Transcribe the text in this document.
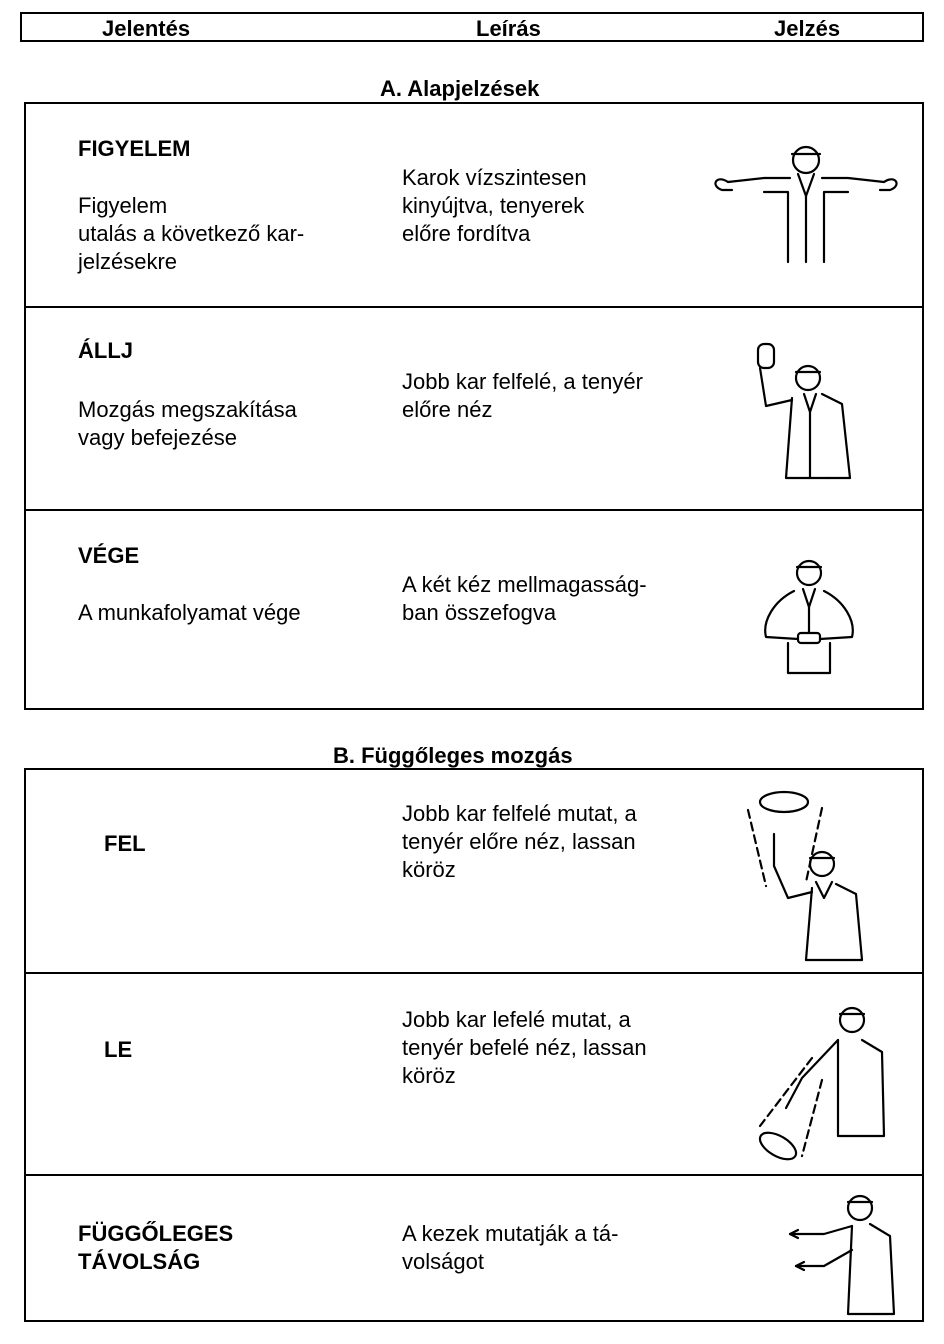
Jelentés	Leírás	Jelzés
A. Alapjelzések
FIGYELEM
Figyelem
utalás a következő kar-
jelzésekre
Karok vízszintesen
kinyújtva, tenyerek
előre fordítva
ÁLLJ
Mozgás megszakítása
vagy befejezése
Jobb kar felfelé, a tenyér
előre néz
VÉGE
A munkafolyamat vége
A két kéz mellmagasság-
ban összefogva
B. Függőleges mozgás
FEL
Jobb kar felfelé mutat, a
tenyér előre néz, lassan
köröz
LE
Jobb kar lefelé mutat, a
tenyér befelé néz, lassan
köröz
FÜGGŐLEGES
TÁVOLSÁG
A kezek mutatják a tá-
volságot
